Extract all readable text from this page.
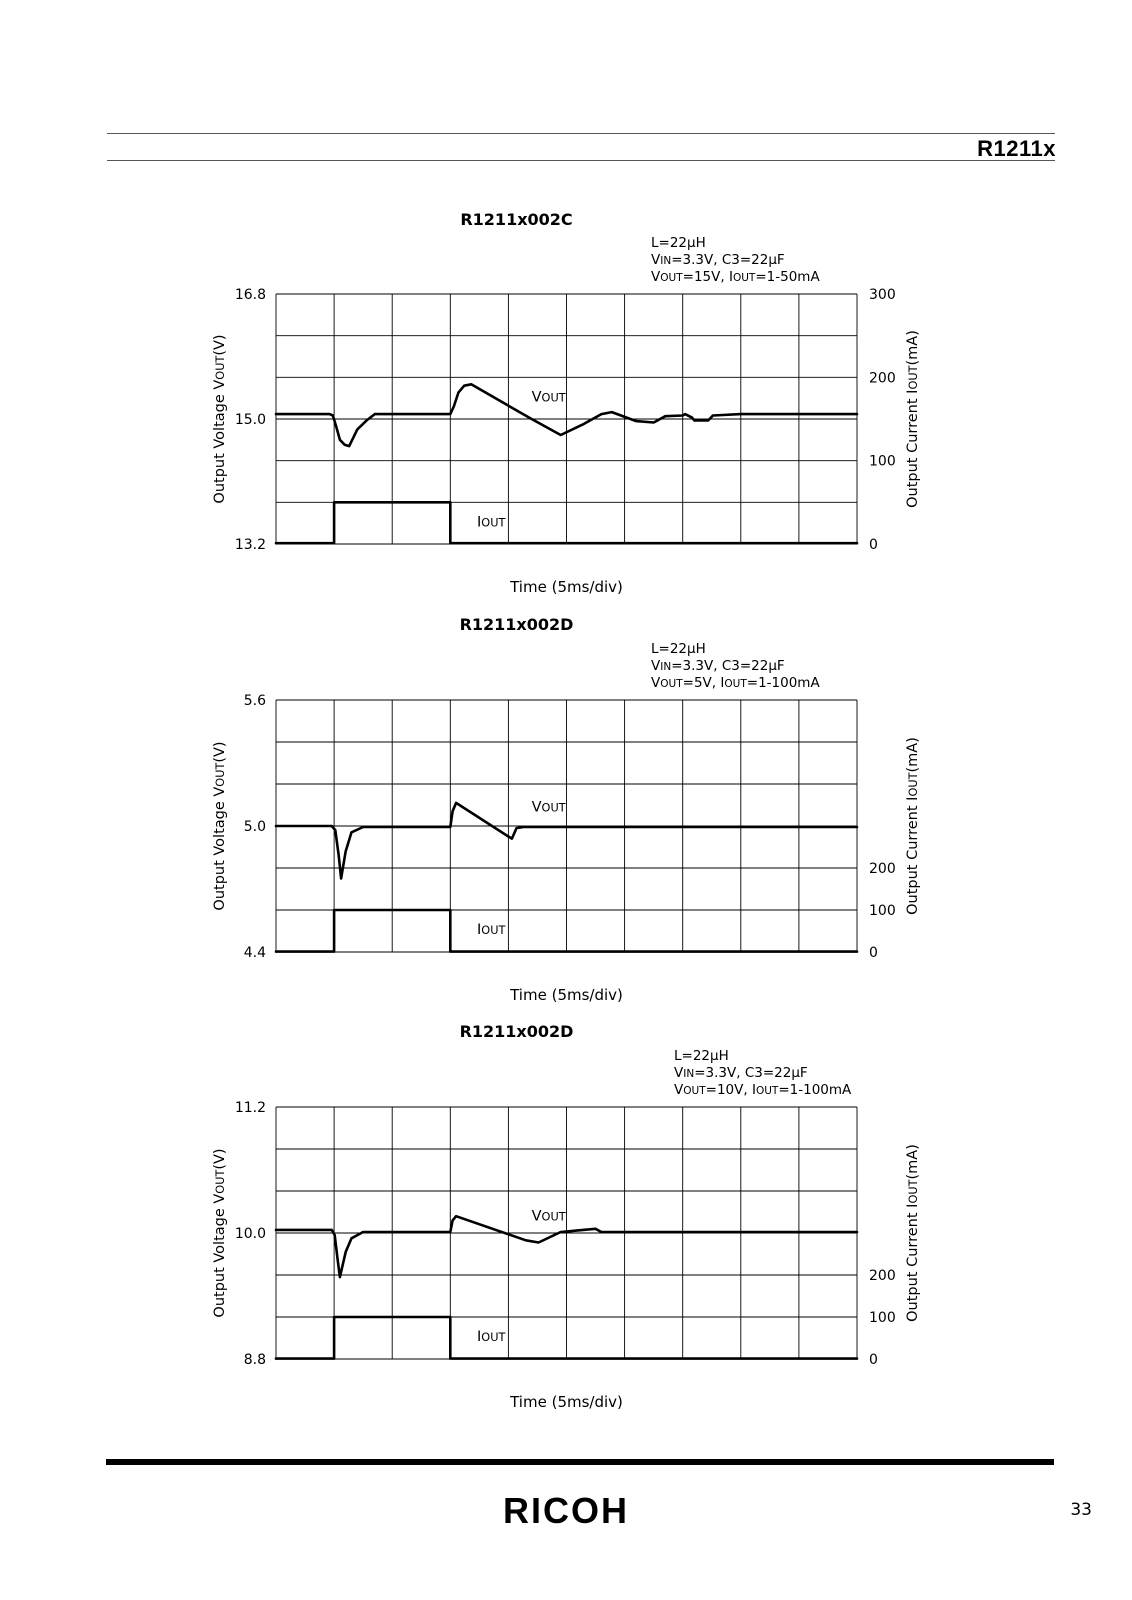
R1211x
R1211x002C
L=22μH
VIN=3.3V, C3=22μF
VOUT=15V, IOUT=1-50mA
16.8
15.0
13.2
300
200
100
0
Output Voltage VOUT(V)
Output Current IOUT(mA)
Time (5ms/div)
VOUT
IOUT
R1211x002D
L=22μH
VIN=3.3V, C3=22μF
VOUT=5V, IOUT=1-100mA
5.6
5.0
4.4
200
100
0
Output Voltage VOUT(V)
Output Current IOUT(mA)
Time (5ms/div)
VOUT
IOUT
R1211x002D
L=22μH
VIN=3.3V, C3=22μF
VOUT=10V, IOUT=1-100mA
11.2
10.0
8.8
200
100
0
Output Voltage VOUT(V)
Output Current IOUT(mA)
Time (5ms/div)
VOUT
IOUT
RICOH	33
